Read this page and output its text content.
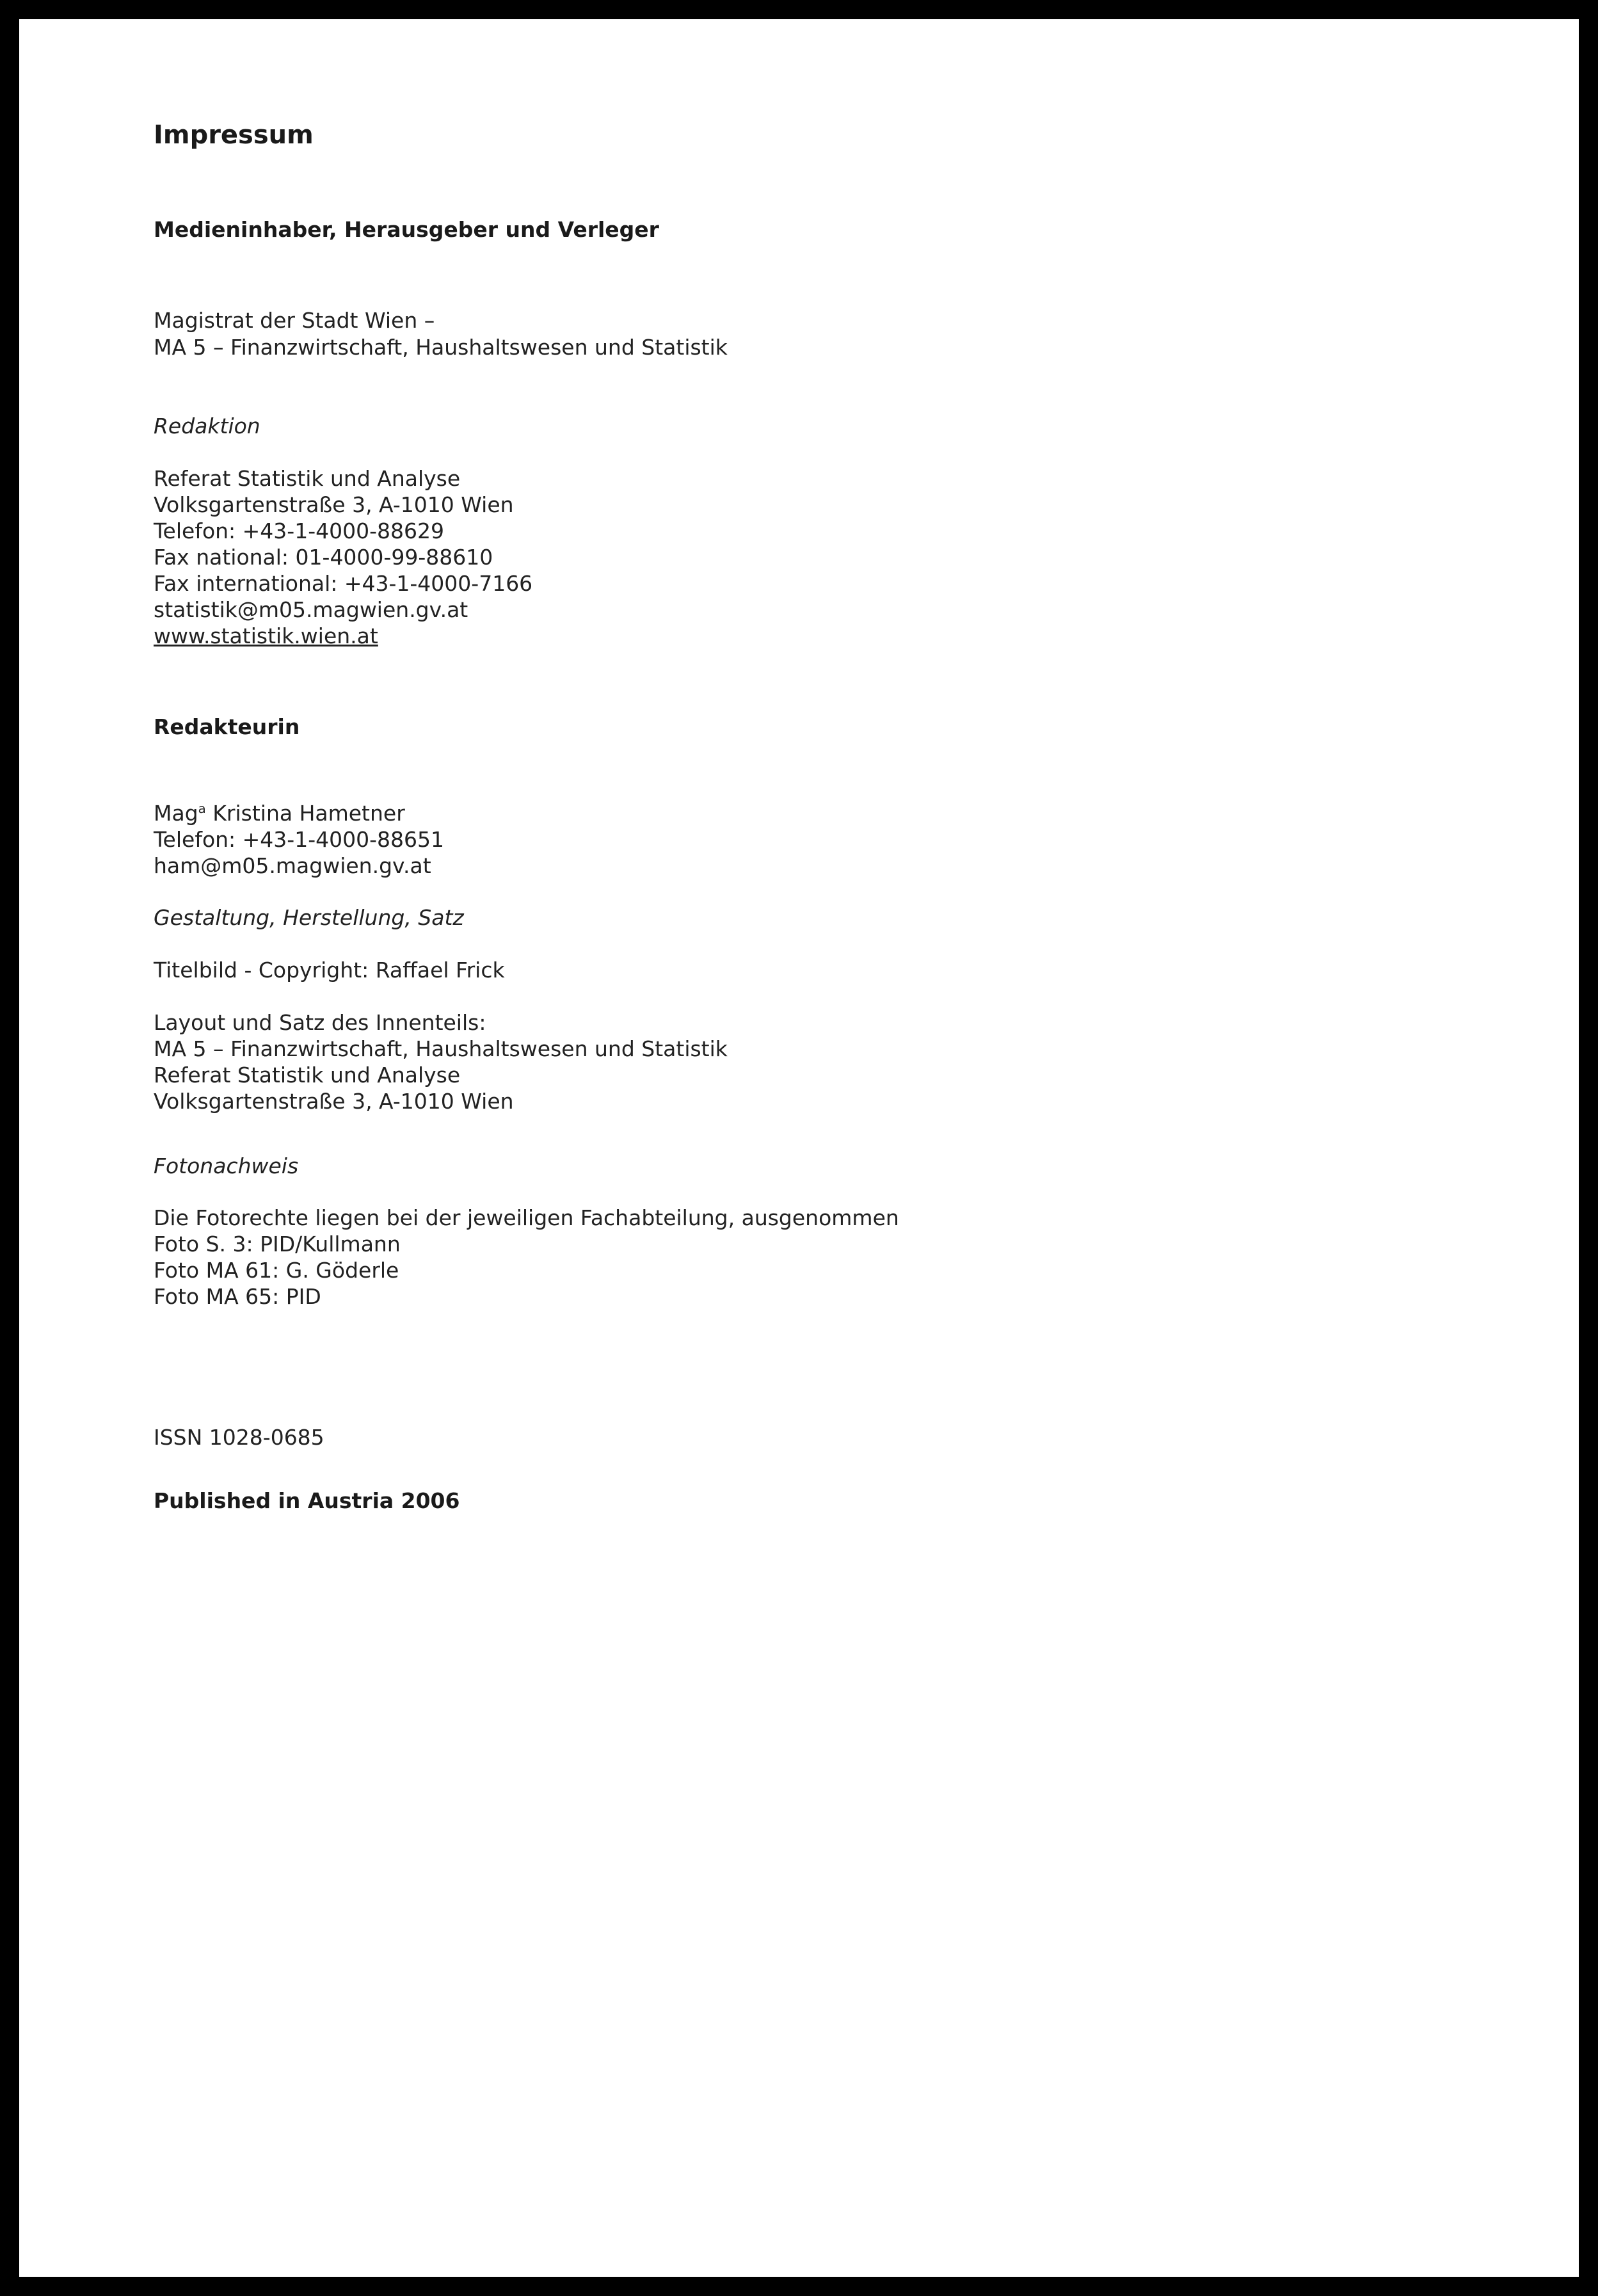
Impressum
Medieninhaber, Herausgeber und Verleger
Magistrat der Stadt Wien –
MA 5 – Finanzwirtschaft, Haushaltswesen und Statistik
Redaktion
Referat Statistik und Analyse
Volksgartenstraße 3, A-1010 Wien
Telefon: +43-1-4000-88629
Fax national: 01-4000-99-88610
Fax international: +43-1-4000-7166
statistik@m05.magwien.gv.at
www.statistik.wien.at
Redakteurin
Mag$^a$ Kristina Hametner
Telefon: +43-1-4000-88651
ham@m05.magwien.gv.at
Gestaltung, Herstellung, Satz
Titelbild - Copyright: Raffael Frick
Layout und Satz des Innenteils:
MA 5 – Finanzwirtschaft, Haushaltswesen und Statistik
Referat Statistik und Analyse
Volksgartenstraße 3, A-1010 Wien
Fotonachweis
Die Fotorechte liegen bei der jeweiligen Fachabteilung, ausgenommen
Foto S. 3: PID/Kullmann
Foto MA 61: G. Göderle
Foto MA 65: PID
ISSN 1028-0685
Published in Austria 2006
